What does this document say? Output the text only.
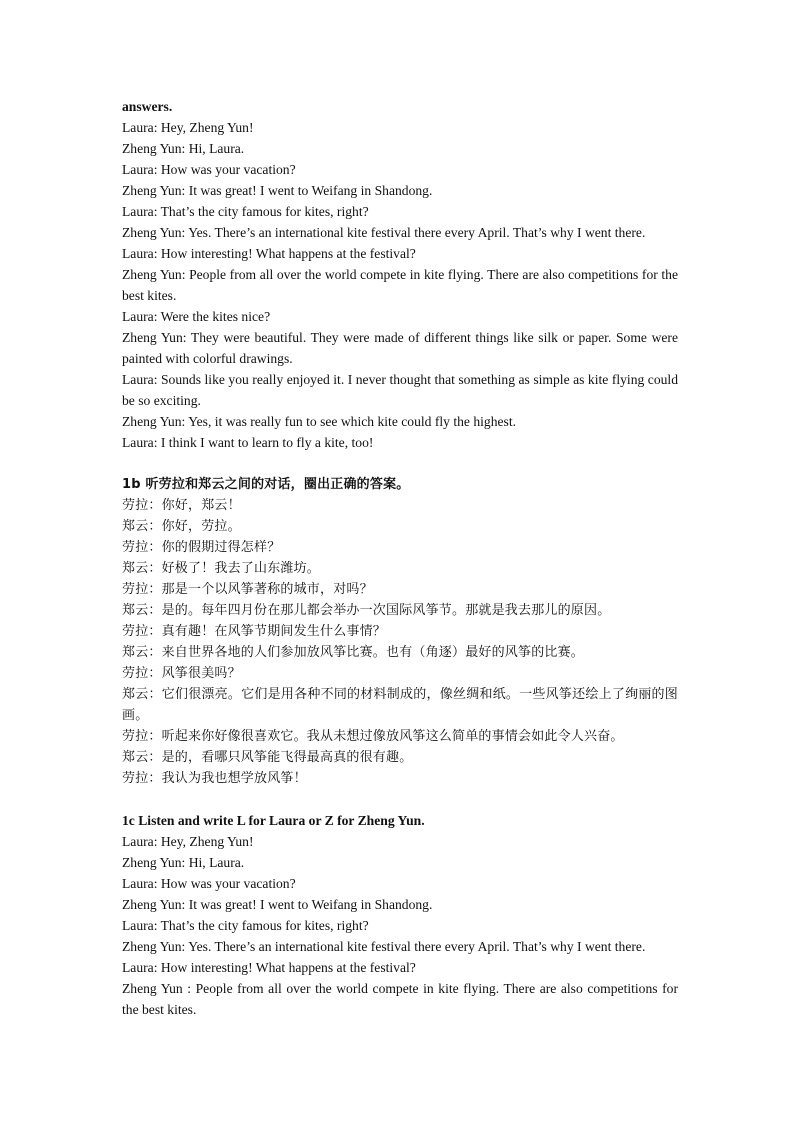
answers.

Laura: Hey, Zheng Yun!

Zheng Yun: Hi, Laura.

Laura: How was your vacation?

Zheng Yun: It was great! I went to Weifang in Shandong.

Laura: That’s the city famous for kites, right?

Zheng Yun: Yes. There’s an international kite festival there every April. That’s why I went there.

Laura: How interesting! What happens at the festival?

Zheng Yun: People from all over the world compete in kite flying. There are also competitions for the best kites.

Laura: Were the kites nice?

Zheng Yun: They were beautiful. They were made of different things like silk or paper. Some were painted with colorful drawings.

Laura: Sounds like you really enjoyed it. I never thought that something as simple as kite flying could be so exciting.

Zheng Yun: Yes, it was really fun to see which kite could fly the highest.

Laura: I think I want to learn to fly a kite, too!

1b 听劳拉和郑云之间的对话，圈出正确的答案。

劳拉：你好，郑云！

郑云：你好，劳拉。

劳拉：你的假期过得怎样？

郑云：好极了！我去了山东潍坊。

劳拉：那是一个以风筝著称的城市，对吗？

郑云：是的。每年四月份在那儿都会举办一次国际风筝节。那就是我去那儿的原因。

劳拉：真有趣！在风筝节期间发生什么事情？

郑云：来自世界各地的人们参加放风筝比赛。也有（角逐）最好的风筝的比赛。

劳拉：风筝很美吗？

郑云：它们很漂亮。它们是用各种不同的材料制成的，像丝绸和纸。一些风筝还绘上了绚丽的图画。

劳拉：听起来你好像很喜欢它。我从未想过像放风筝这么简单的事情会如此令人兴奋。

郑云：是的，看哪只风筝能飞得最高真的很有趣。

劳拉：我认为我也想学放风筝！

1c Listen and write L for Laura or Z for Zheng Yun.

Laura: Hey, Zheng Yun!

Zheng Yun: Hi, Laura.

Laura: How was your vacation?

Zheng Yun: It was great! I went to Weifang in Shandong.

Laura: That’s the city famous for kites, right?

Zheng Yun: Yes. There’s an international kite festival there every April. That’s why I went there.

Laura: How interesting! What happens at the festival?

Zheng Yun : People from all over the world compete in kite flying. There are also competitions for the best kites.
